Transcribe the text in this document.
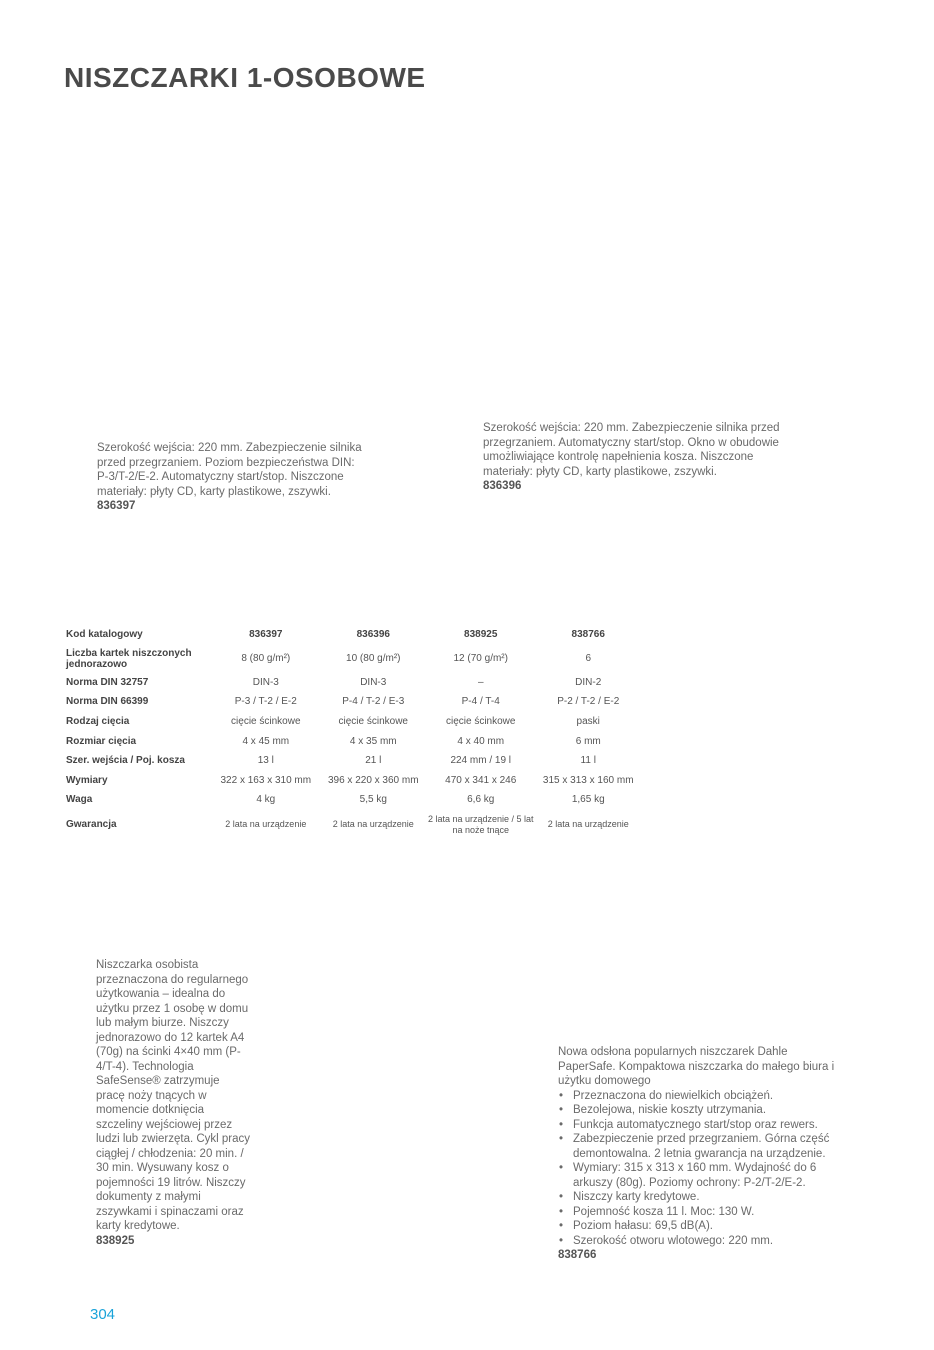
NISZCZARKI 1-OSOBOWE
Szerokość wejścia: 220 mm. Zabezpieczenie silnika przed przegrzaniem. Poziom bezpieczeństwa DIN: P-3/T-2/E-2. Automatyczny start/stop. Niszczone materiały: płyty CD, karty plastikowe, zszywki.
836397
Szerokość wejścia: 220 mm. Zabezpieczenie silnika przed przegrzaniem. Automatyczny start/stop. Okno w obudowie umożliwiające kontrolę napełnienia kosza. Niszczone materiały: płyty CD, karty plastikowe, zszywki.
836396
Kod katalogowy	836397	836396	838925	838766
Liczba kartek niszczonych jednorazowo	8 (80 g/m²)	10 (80 g/m²)	12 (70 g/m²)	6
Norma DIN 32757	DIN-3	DIN-3	–	DIN-2
Norma DIN 66399	P-3 / T-2 / E-2	P-4 / T-2 / E-3	P-4 / T-4	P-2 / T-2 / E-2
Rodzaj cięcia	cięcie ścinkowe	cięcie ścinkowe	cięcie ścinkowe	paski
Rozmiar cięcia	4 x 45 mm	4 x 35 mm	4 x 40 mm	6 mm
Szer. wejścia / Poj. kosza	13 l	21 l	224 mm / 19 l	11 l
Wymiary	322 x 163 x 310 mm	396 x 220 x 360 mm	470 x 341 x 246	315 x 313 x 160 mm
Waga	4 kg	5,5 kg	6,6 kg	1,65 kg
Gwarancja	2 lata na urządzenie	2 lata na urządzenie	2 lata na urządzenie / 5 lat na noże tnące	2 lata na urządzenie
Niszczarka osobista przeznaczona do regularnego użytkowania – idealna do użytku przez 1 osobę w domu lub małym biurze. Niszczy jednorazowo do 12 kartek A4 (70g) na ścinki 4×40 mm (P-4/T-4). Technologia SafeSense® zatrzymuje pracę noży tnących w momencie dotknięcia szczeliny wejściowej przez ludzi lub zwierzęta. Cykl pracy ciągłej / chłodzenia: 20 min. / 30 min. Wysuwany kosz o pojemności 19 litrów. Niszczy dokumenty z małymi zszywkami i spinaczami oraz karty kredytowe.
838925
Nowa odsłona popularnych niszczarek Dahle PaperSafe. Kompaktowa niszczarka do małego biura i użytku domowego
• Przeznaczona do niewielkich obciążeń.
• Bezolejowa, niskie koszty utrzymania.
• Funkcja automatycznego start/stop oraz rewers.
• Zabezpieczenie przed przegrzaniem. Górna część demontowalna. 2 letnia gwarancja na urządzenie.
• Wymiary: 315 x 313 x 160 mm. Wydajność do 6 arkuszy (80g). Poziomy ochrony: P-2/T-2/E-2.
• Niszczy karty kredytowe.
• Pojemność kosza 11 l. Moc: 130 W.
• Poziom hałasu: 69,5 dB(A).
• Szerokość otworu wlotowego: 220 mm.
838766
304
